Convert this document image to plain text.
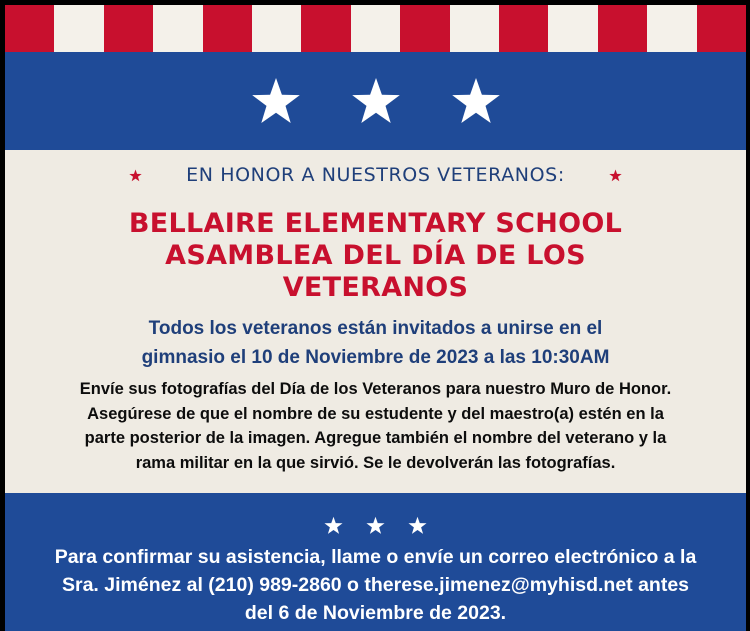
EN HONOR A NUESTROS VETERANOS:
BELLAIRE ELEMENTARY SCHOOL
ASAMBLEA DEL DÍA DE LOS
VETERANOS
Todos los veteranos están invitados a unirse en el
gimnasio el 10 de Noviembre de 2023 a las 10:30AM
Envíe sus fotografías del Día de los Veteranos para nuestro Muro de Honor.
Asegúrese de que el nombre de su estudente y del maestro(a) estén en la
parte posterior de la imagen. Agregue también el nombre del veterano y la
rama militar en la que sirvió. Se le devolverán las fotografías.
Para confirmar su asistencia, llame o envíe un correo electrónico a la
Sra. Jiménez al (210) 989-2860 o therese.jimenez@myhisd.net antes
del 6 de Noviembre de 2023.
